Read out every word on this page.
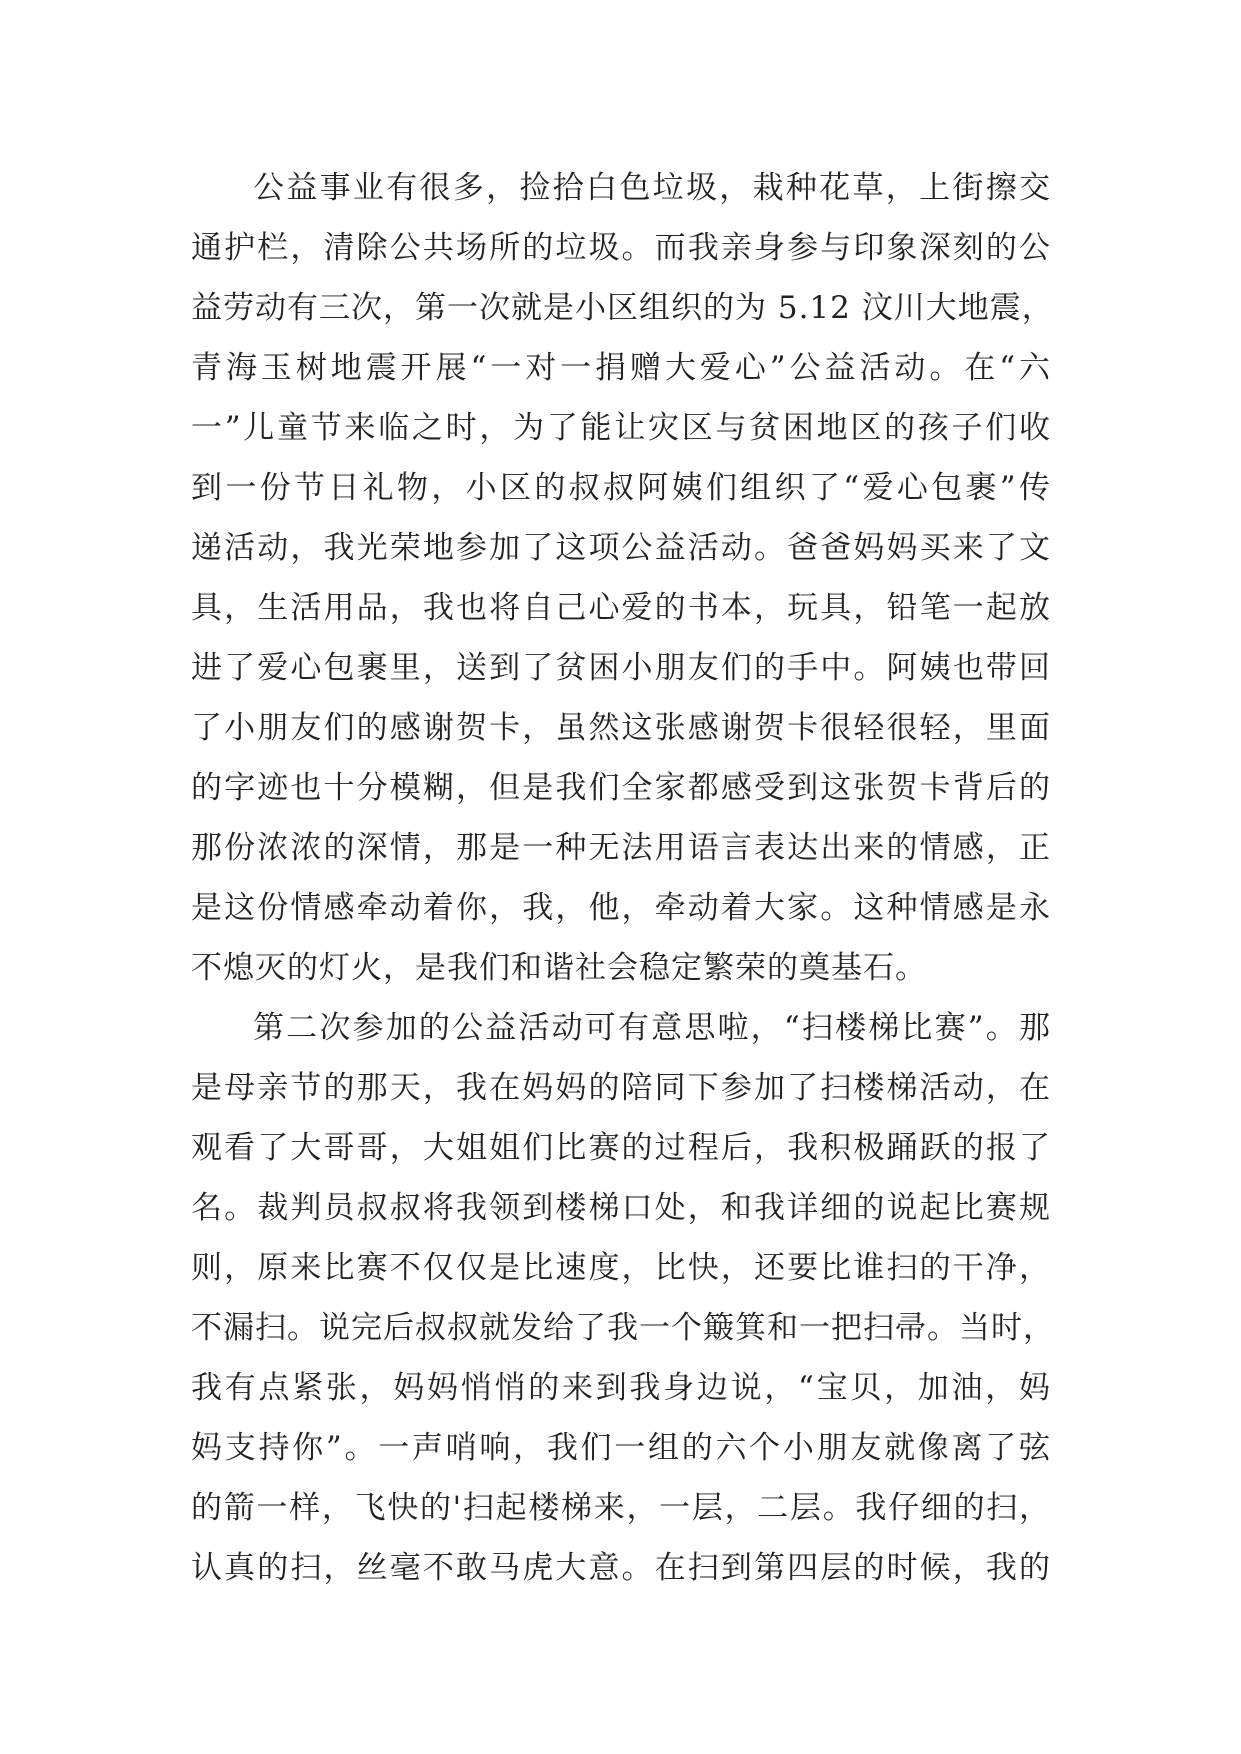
公益事业有很多，捡拾白色垃圾，栽种花草，上街擦交
通护栏，清除公共场所的垃圾。而我亲身参与印象深刻的公
益劳动有三次，第一次就是小区组织的为 5.12 汶川大地震，
青海玉树地震开展“一对一捐赠大爱心”公益活动。在“六
一”儿童节来临之时，为了能让灾区与贫困地区的孩子们收
到一份节日礼物，小区的叔叔阿姨们组织了“爱心包裹”传
递活动，我光荣地参加了这项公益活动。爸爸妈妈买来了文
具，生活用品，我也将自己心爱的书本，玩具，铅笔一起放
进了爱心包裹里，送到了贫困小朋友们的手中。阿姨也带回
了小朋友们的感谢贺卡，虽然这张感谢贺卡很轻很轻，里面
的字迹也十分模糊，但是我们全家都感受到这张贺卡背后的
那份浓浓的深情，那是一种无法用语言表达出来的情感，正
是这份情感牵动着你，我，他，牵动着大家。这种情感是永
不熄灭的灯火，是我们和谐社会稳定繁荣的奠基石。
第二次参加的公益活动可有意思啦，“扫楼梯比赛”。那
是母亲节的那天，我在妈妈的陪同下参加了扫楼梯活动，在
观看了大哥哥，大姐姐们比赛的过程后，我积极踊跃的报了
名。裁判员叔叔将我领到楼梯口处，和我详细的说起比赛规
则，原来比赛不仅仅是比速度，比快，还要比谁扫的干净，
不漏扫。说完后叔叔就发给了我一个簸箕和一把扫帚。当时，
我有点紧张，妈妈悄悄的来到我身边说，“宝贝，加油，妈
妈支持你”。一声哨响，我们一组的六个小朋友就像离了弦
的箭一样，飞快的'扫起楼梯来，一层，二层。我仔细的扫，
认真的扫，丝毫不敢马虎大意。在扫到第四层的时候，我的
